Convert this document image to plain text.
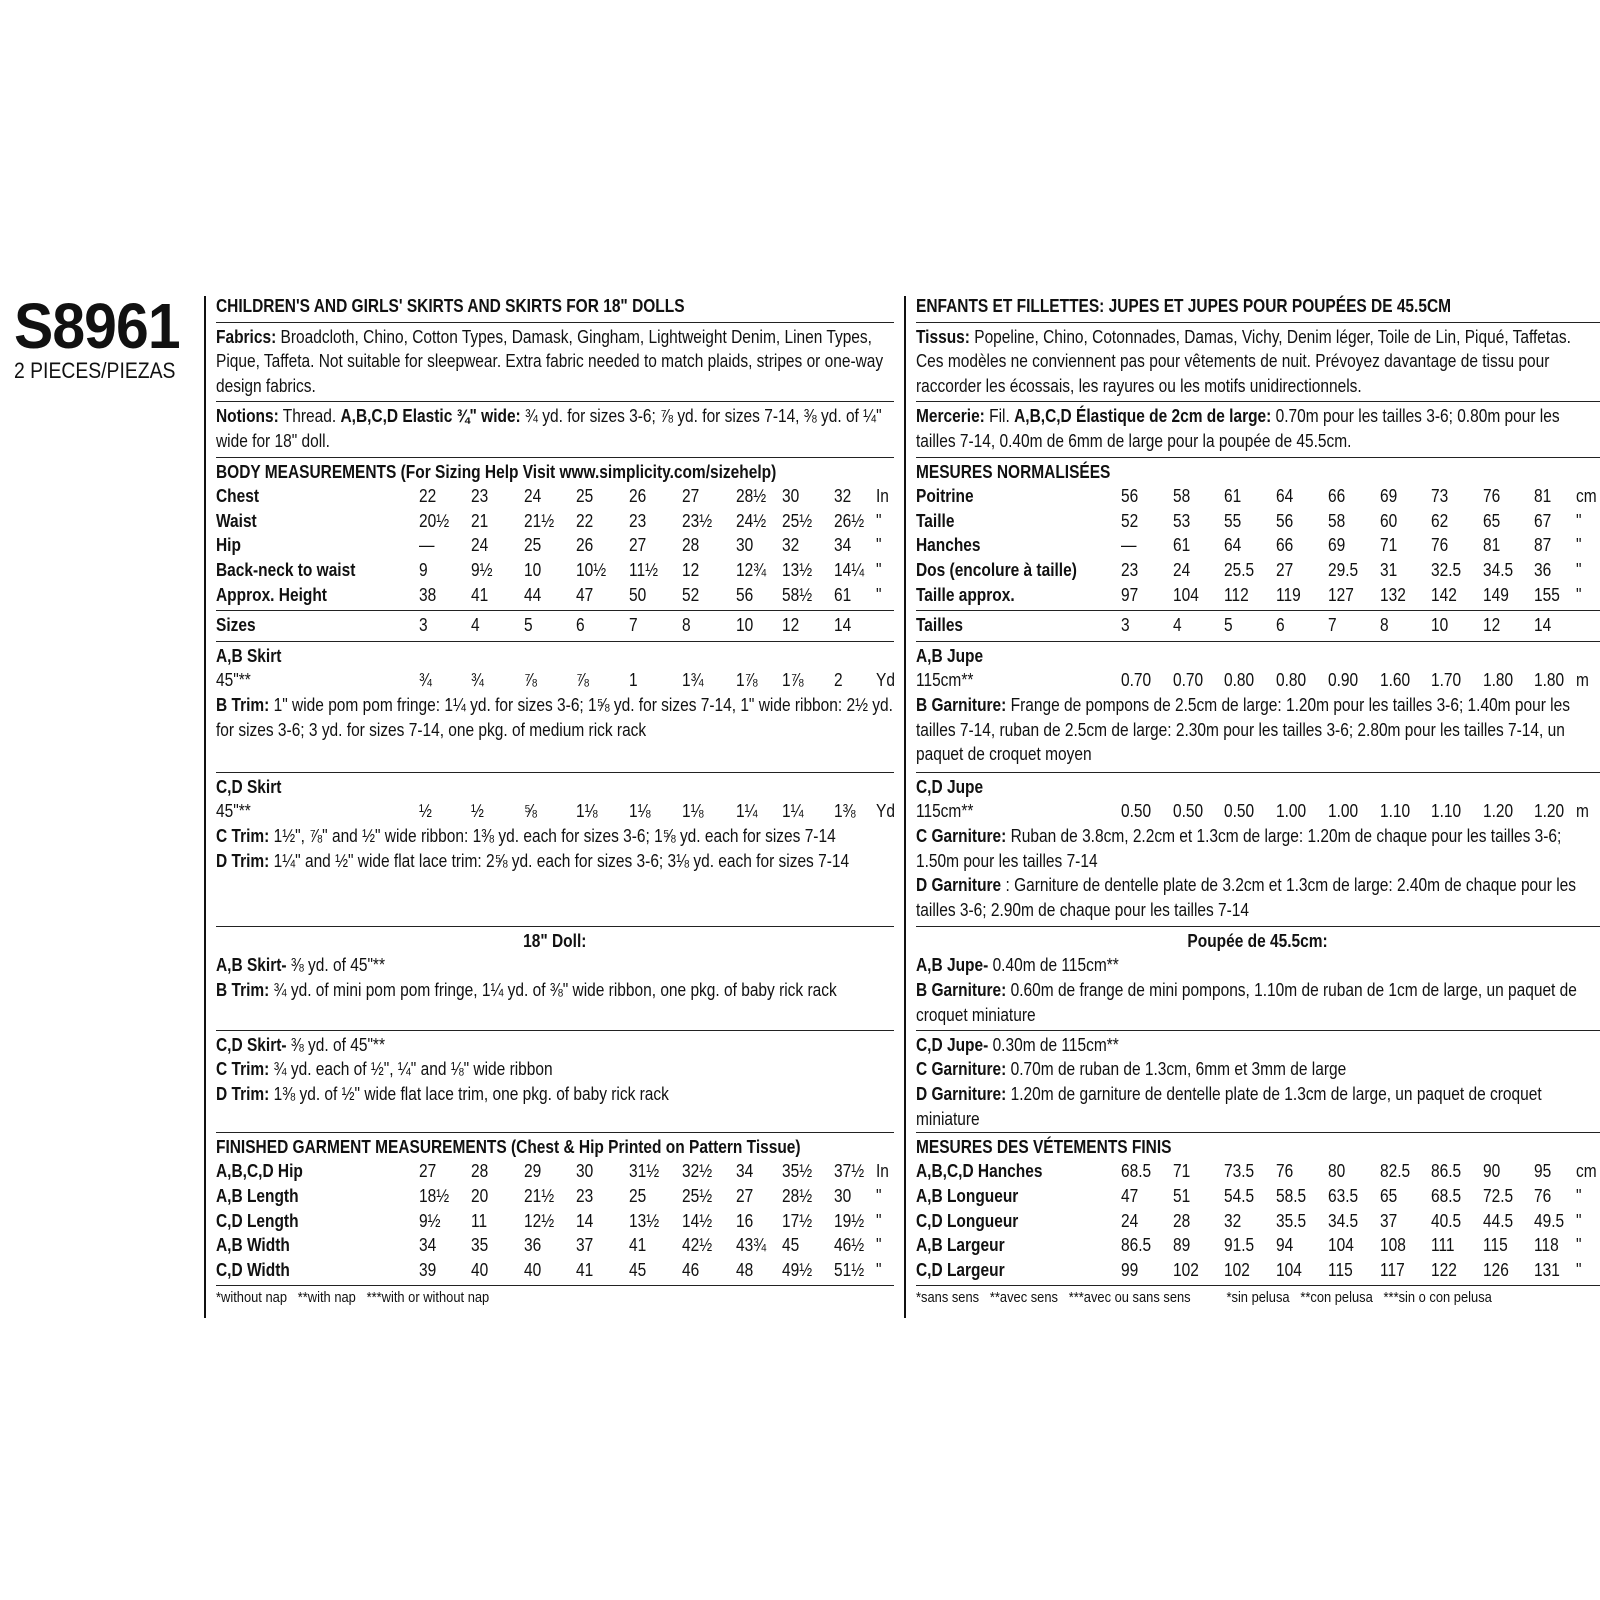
S8961
2 PIECES/PIEZAS
CHILDREN'S AND GIRLS' SKIRTS AND SKIRTS FOR 18" DOLLS
Fabrics: Broadcloth, Chino, Cotton Types, Damask, Gingham, Lightweight Denim, Linen Types, Pique, Taffeta. Not suitable for sleepwear. Extra fabric needed to match plaids, stripes or one-way design fabrics.
Notions: Thread. A,B,C,D Elastic ¾" wide: ¾ yd. for sizes 3-6; ⅞ yd. for sizes 7-14, ⅜ yd. of ¼" wide for 18" doll.
BODY MEASUREMENTS (For Sizing Help Visit www.simplicity.com/sizehelp)
Chest	22 23 24 25 26 27 28½ 30 32 In
Waist	20½ 21 21½ 22 23 23½ 24½ 25½ 26½ "
Hip	— 24 25 26 27 28 30 32 34 "
Back-neck to waist	9 9½ 10 10½ 11½ 12 12¾ 13½ 14¼ "
Approx. Height	38 41 44 47 50 52 56 58½ 61 "
Sizes	3 4 5 6 7 8	10 12 14
A,B Skirt
45"**	¾ ¾ ⅞ ⅞ 1 1¾ 1⅞ 1⅞ 2 Yd
B Trim: 1" wide pom pom fringe: 1¼ yd. for sizes 3-6; 1⅝ yd. for sizes 7-14, 1" wide ribbon: 2½ yd. for sizes 3-6; 3 yd. for sizes 7-14, one pkg. of medium rick rack
C,D Skirt
45"**	½ ½ ⅝ 1⅛ 1⅛ 1⅛ 1¼ 1¼ 1⅜ Yd
C Trim: 1½", ⅞" and ½" wide ribbon: 1⅜ yd. each for sizes 3-6; 1⅝ yd. each for sizes 7-14
D Trim: 1¼" and ½" wide flat lace trim: 2⅝ yd. each for sizes 3-6; 3⅛ yd. each for sizes 7-14
18" Doll:
A,B Skirt- ⅜ yd. of 45"**
B Trim: ¾ yd. of mini pom pom fringe, 1¼ yd. of ⅜" wide ribbon, one pkg. of baby rick rack
C,D Skirt- ⅜ yd. of 45"**
C Trim: ¾ yd. each of ½", ¼" and ⅛" wide ribbon
D Trim: 1⅜ yd. of ½" wide flat lace trim, one pkg. of baby rick rack
FINISHED GARMENT MEASUREMENTS (Chest & Hip Printed on Pattern Tissue)
A,B,C,D Hip	27 28 29 30 31½ 32½ 34 35½ 37½ In
A,B Length	18½ 20 21½ 23 25 25½ 27 28½ 30 "
C,D Length	9½ 11 12½ 14 13½ 14½ 16 17½ 19½ "
A,B Width	34 35 36 37 41 42½ 43¾ 45 46½ "
C,D Width	39 40 40 41 45 46 48 49½ 51½ "
*without nap   **with nap   ***with or without nap
ENFANTS ET FILLETTES: JUPES ET JUPES POUR POUPÉES DE 45.5CM
Tissus: Popeline, Chino, Cotonnades, Damas, Vichy, Denim léger, Toile de Lin, Piqué, Taffetas. Ces modèles ne conviennent pas pour vêtements de nuit. Prévoyez davantage de tissu pour raccorder les écossais, les rayures ou les motifs unidirectionnels.
Mercerie: Fil. A,B,C,D Élastique de 2cm de large: 0.70m pour les tailles 3-6; 0.80m pour les tailles 7-14, 0.40m de 6mm de large pour la poupée de 45.5cm.
MESURES NORMALISÉES
Poitrine	56 58 61 64 66 69 73 76 81 cm
Taille	52 53 55 56 58 60 62 65 67 "
Hanches	— 61 64 66 69 71 76 81 87 "
Dos (encolure à taille) 23 24 25.5 27 29.5 31 32.5 34.5 36 "
Taille approx.	97 104 112 119 127 132 142 149 155 "
Tailles	3 4 5 6 7 8 10 12 14
A,B Jupe
115cm**	0.70 0.70 0.80 0.80 0.90 1.60 1.70 1.80 1.80 m
B Garniture: Frange de pompons de 2.5cm de large: 1.20m pour les tailles 3-6; 1.40m pour les tailles 7-14, ruban de 2.5cm de large: 2.30m pour les tailles 3-6; 2.80m pour les tailles 7-14, un paquet de croquet moyen
C,D Jupe
115cm**	0.50 0.50 0.50 1.00 1.00 1.10 1.10 1.20 1.20 m
C Garniture: Ruban de 3.8cm, 2.2cm et 1.3cm de large: 1.20m de chaque pour les tailles 3-6; 1.50m pour les tailles 7-14
D Garniture : Garniture de dentelle plate de 3.2cm et 1.3cm de large: 2.40m de chaque pour les tailles 3-6; 2.90m de chaque pour les tailles 7-14
Poupée de 45.5cm:
A,B Jupe- 0.40m de 115cm**
B Garniture: 0.60m de frange de mini pompons, 1.10m de ruban de 1cm de large, un paquet de croquet miniature
C,D Jupe- 0.30m de 115cm**
C Garniture: 0.70m de ruban de 1.3cm, 6mm et 3mm de large
D Garniture: 1.20m de garniture de dentelle plate de 1.3cm de large, un paquet de croquet miniature
MESURES DES VÉTEMENTS FINIS
A,B,C,D Hanches	68.5 71 73.5 76 80 82.5 86.5 90 95 cm
A,B Longueur	47 51 54.5 58.5 63.5 65 68.5 72.5 76 "
C,D Longueur	24 28 32 35.5 34.5 37 40.5 44.5 49.5 "
A,B Largeur	86.5 89 91.5 94 104 108 111 115 118 "
C,D Largeur	99 102 102 104 115 117 122 126 131 "
*sans sens   **avec sens   ***avec ou sans sens          *sin pelusa   **con pelusa   ***sin o con pelusa
